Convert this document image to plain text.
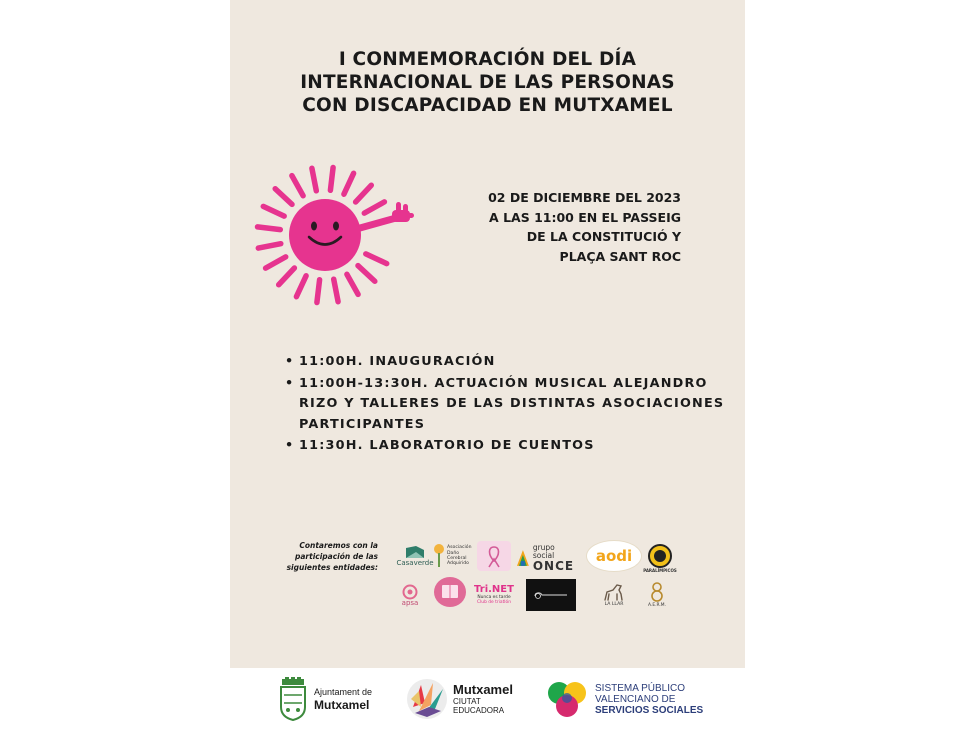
I CONMEMORACIÓN DEL DÍA
INTERNACIONAL DE LAS PERSONAS
CON DISCAPACIDAD EN MUTXAMEL
02 DE DICIEMBRE DEL 2023
A LAS 11:00 EN EL PASSEIG
DE LA CONSTITUCIÓ Y
PLAÇA SANT ROC
• 11:00H. INAUGURACIÓN
• 11:00H-13:30H. ACTUACIÓN MUSICAL ALEJANDRO RIZO Y TALLERES DE LAS DISTINTAS ASOCIACIONES PARTICIPANTES
• 11:30H. LABORATORIO DE CUENTOS
Contaremos con la participación de las siguientes entidades:
Casaverde
Asociación
Daño
Cerebral
Adquirido
grupo social
ONCE
aodi
PARALÍMPICOS
apsa
Tri.NET
Nunca es tarde
Club de triatlón	LA LLAR	A.E.R.M.
Ajuntament de
Mutxamel
Mutxamel
CIUTAT
EDUCADORA
SISTEMA PÚBLICO
VALENCIANO DE
SERVICIOS SOCIALES
